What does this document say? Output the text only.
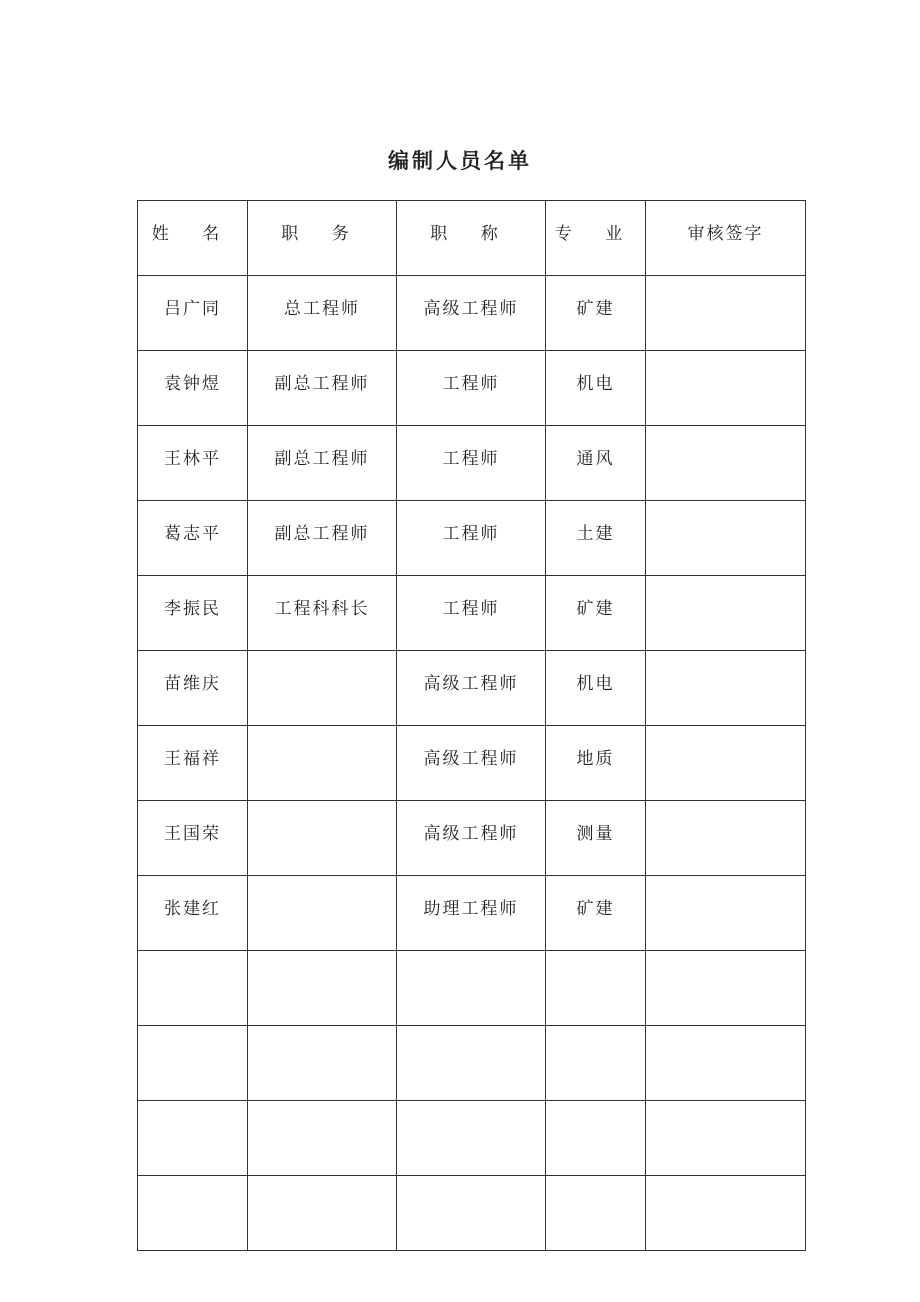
编制人员名单
姓 名	职 务	职 称	专 业	审核签字
吕广同	总工程师	高级工程师	矿建	
袁钟煜	副总工程师	工程师	机电	
王林平	副总工程师	工程师	通风	
葛志平	副总工程师	工程师	土建	
李振民	工程科科长	工程师	矿建	
苗维庆		高级工程师	机电	
王福祥		高级工程师	地质	
王国荣		高级工程师	测量	
张建红		助理工程师	矿建	
